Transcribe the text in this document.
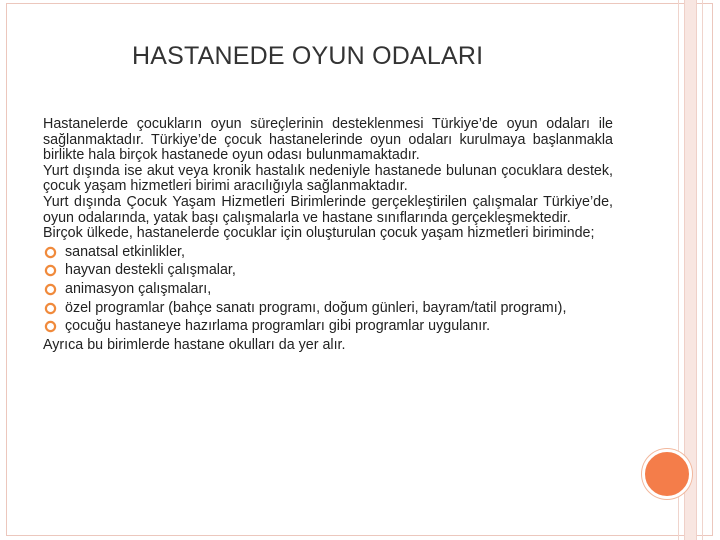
HASTANEDE OYUN ODALARI

Hastanelerde çocukların oyun süreçlerinin desteklenmesi Türkiye’de oyun odaları ile sağlanmaktadır. Türkiye’de çocuk hastanelerinde oyun odaları kurulmaya başlanmakla birlikte hala birçok hastanede oyun odası bulunmamaktadır.

Yurt dışında ise akut veya kronik hastalık nedeniyle hastanede bulunan çocuklara destek, çocuk yaşam hizmetleri birimi aracılığıyla sağlanmaktadır.

Yurt dışında Çocuk Yaşam Hizmetleri Birimlerinde gerçekleştirilen çalışmalar Türkiye’de, oyun odalarında, yatak başı çalışmalarla ve hastane sınıflarında gerçekleşmektedir.

Birçok ülkede, hastanelerde çocuklar için oluşturulan çocuk yaşam hizmetleri biriminde;

sanatsal etkinlikler,

hayvan destekli çalışmalar,

animasyon çalışmaları,

özel programlar (bahçe sanatı programı, doğum günleri, bayram/tatil programı),

çocuğu hastaneye hazırlama programları gibi programlar uygulanır.

Ayrıca bu birimlerde hastane okulları da yer alır.
